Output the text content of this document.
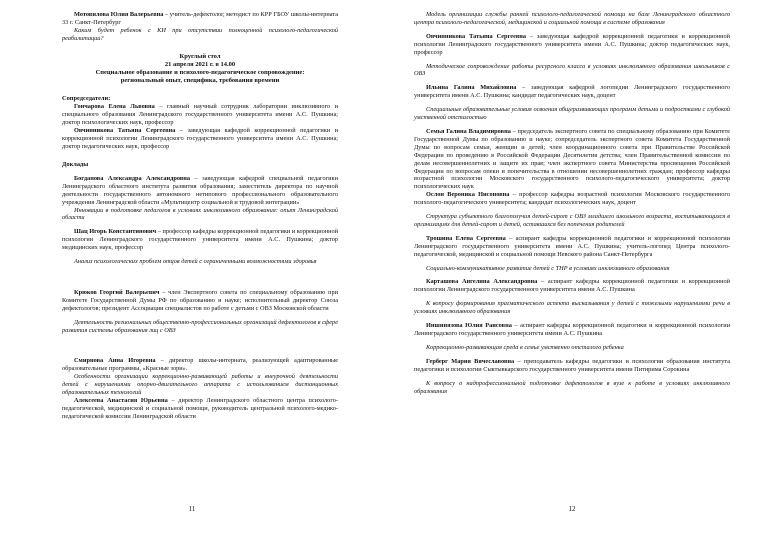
Мотовилова Юлия Валерьевна – учитель-дефектолог, методист по КРР ГБОУ школы-интерната 33 г. Санкт-Петербург

Каким будет ребенок с КИ при отсутствии полноценной психолого-педагогической реабилитации?

Круглый стол

21 апреля 2021 г. в 14.00

Специальное образование и психолого-педагогическое сопровождение:

региональный опыт, специфика, требования времени

Сопредседатели:

Гончарова Елена Львовна – главный научный сотрудник лаборатории инклюзивного и специального образования Ленинградского государственного университета имени А.С. Пушкина; доктор психологических наук, профессор

Овчинникова Татьяна Сергеевна – заведующая кафедрой коррекционной педагогики и коррекционной психологии Ленинградского государственного университета имени А.С. Пушкина; доктор педагогических наук, профессор

Доклады

Богданова Александра Александровна – заведующая кафедрой специальной педагогики Ленинградского областного института развития образования; заместитель директора по научной деятельности государственного автономного нетипового профессионального образовательного учреждения Ленинградской области «Мультицентр социальной и трудовой интеграции»

Инновации в подготовке педагогов в условиях инклюзивного образования: опыт Ленинградской области

Шац Игорь Константинович – профессор кафедры коррекционной педагогики и коррекционной психологии Ленинградского государственного университета имени А.С. Пушкина; доктор медицинских наук, профессор

Анализ психологических проблем отцов детей с ограниченными возможностями здоровья

Крюков Георгий Валерьевич – член Экспертного совета по специальному образованию при Комитете Государственной Думы РФ по образованию и науке; исполнительный директор Союза дефектологов; президент Ассоциации специалистов по работе с детьми с ОВЗ Московской области

Деятельность региональных общественно-профессиональных организаций дефектологов в сфере развития системы образования лиц с ОВЗ

Смирнова Анна Игоревна – директор школы-интерната, реализующей адаптированные образовательные программы, «Красные зори».

Особенности организации коррекционно-развивающей работы и внеурочной деятельности детей с нарушениями опорно-двигательного аппарата с использованием дистанционных образовательных технологий

Алексеева Анастасия Юрьевна – директор Ленинградского областного центра психолого-педагогической, медицинской и социальной помощи, руководитель центральной психолого-медико-педагогической комиссии Ленинградской области

11

Модель организации службы ранней психолого-педагогической помощи на базе Ленинградского областного центра психолого-педагогической, медицинской и социальной помощи в системе образования

Овчинникова Татьяна Сергеевна – заведующая кафедрой коррекционной педагогики и коррекционной психологии Ленинградского государственного университета имени А.С. Пушкина; доктор педагогических наук, профессор

Методическое сопровождение работы ресурсного класса в условиях инклюзивного образования школьников с ОВЗ

Ильина Галина Михайловна – заведующая кафедрой логопедии Ленинградского государственного университета имени А.С. Пушкина; кандидат педагогических наук, доцент

Специальные образовательные условия освоения общеразвивающих программ детьми и подростками с глубокой умственной отсталостью

Семья Галина Владимировна – председатель экспертного совета по специальному образованию при Комитете Государственной Думы по образованию и науке; сопредседатель экспертного совета Комитета Государственной Думы по вопросам семьи, женщин и детей; член координационного совета при Правительстве Российской Федерации по проведению в Российской Федерации Десятилетия детства; член Правительственной комиссии по делам несовершеннолетних и защите их прав; член экспертного совета Министерства просвещения Российской Федерации по вопросам опеки и попечительства в отношении несовершеннолетних граждан; профессор кафедры возрастной психологии Московского государственного психолого-педагогического университета; доктор психологических наук

Ослон Вероника Нисоновна – профессор кафедры возрастной психологии Московского государственного психолого-педагогического университета; кандидат психологических наук, доцент

Структура субъектного благополучия детей-сирот с ОВЗ младшего школьного возраста, воспитывающихся в организациях для детей-сирот и детей, оставшихся без попечения родителей

Трошина Елена Сергеевна – аспирант кафедры коррекционной педагогики и коррекционной психологии Ленинградского государственного университета имени А.С. Пушкина; учитель-логопед Центра психолого-педагогической, медицинской и социальной помощи Невского района Санкт-Петербурга

Социально-коммуникативное развитие детей с ТНР в условиях инклюзивного образования

Карташова Ангелина Александровна – аспирант кафедры коррекционной педагогики и коррекционной психологии Ленинградского государственного университета имени А.С. Пушкина

К вопросу формирования прагматического аспекта высказывания у детей с тяжелыми нарушениями речи в условиях инклюзивного образования

Иншинязова Юлия Раисовна – аспирант кафедры коррекционной педагогики и коррекционной психологии Ленинградского государственного университета имени А.С. Пушкина

Коррекционно-развивающая среда в семье умственно отсталого ребенка

Герберг Мария Вячеславовна – преподаватель кафедры педагогики и психологии образования института педагогики и психологии Сыктывкарского государственного университета имени Питирима Сорокина

К вопросу о надпрофессиональной подготовке дефектологов в вузе к работе в условиях инклюзивного образования

12
